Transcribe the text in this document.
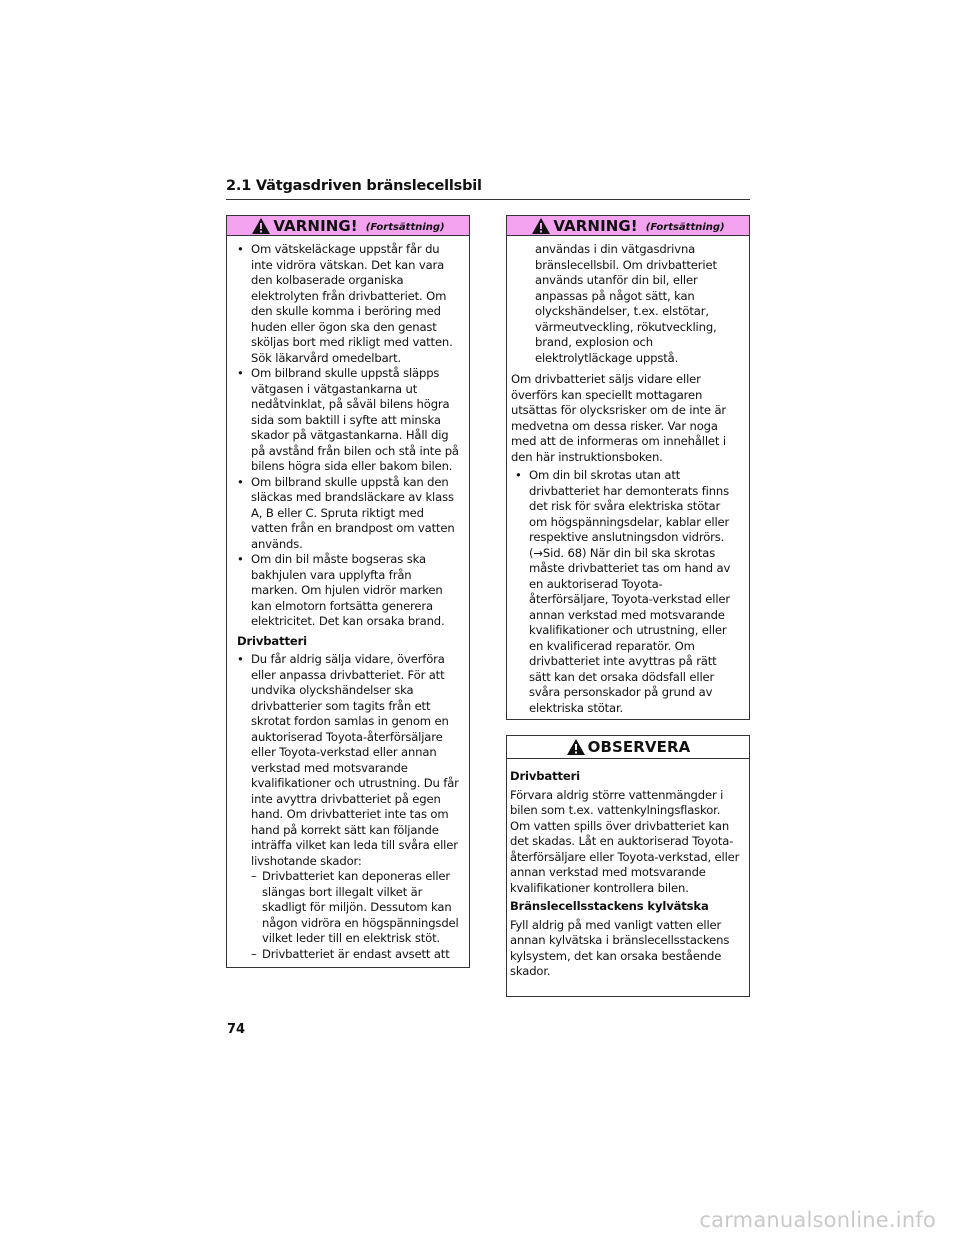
2.1 Vätgasdriven bränslecellsbil
VARNING! (Fortsättning)
• Om vätskeläckage uppstår får du inte vidröra vätskan. Det kan vara den kolbaserade organiska elektrolyten från drivbatteriet. Om den skulle komma i beröring med huden eller ögon ska den genast sköljas bort med rikligt med vatten. Sök läkarvård omedelbart.
• Om bilbrand skulle uppstå släpps vätgasen i vätgastankarna ut nedåtvinklat, på såväl bilens högra sida som baktill i syfte att minska skador på vätgastankarna. Håll dig på avstånd från bilen och stå inte på bilens högra sida eller bakom bilen.
• Om bilbrand skulle uppstå kan den släckas med brandsläckare av klass A, B eller C. Spruta riktigt med vatten från en brandpost om vatten används.
• Om din bil måste bogseras ska bakhjulen vara upplyfta från marken. Om hjulen vidrör marken kan elmotorn fortsätta generera elektricitet. Det kan orsaka brand.
Drivbatteri
• Du får aldrig sälja vidare, överföra eller anpassa drivbatteriet. För att undvika olyckshändelser ska drivbatterier som tagits från ett skrotat fordon samlas in genom en auktoriserad Toyota-återförsäljare eller Toyota-verkstad eller annan verkstad med motsvarande kvalifikationer och utrustning. Du får inte avyttra drivbatteriet på egen hand. Om drivbatteriet inte tas om hand på korrekt sätt kan följande inträffa vilket kan leda till svåra eller livshotande skador:
– Drivbatteriet kan deponeras eller slängas bort illegalt vilket är skadligt för miljön. Dessutom kan någon vidröra en högspänningsdel vilket leder till en elektrisk stöt.
– Drivbatteriet är endast avsett att
VARNING! (Fortsättning)
användas i din vätgasdrivna bränslecellsbil. Om drivbatteriet används utanför din bil, eller anpassas på något sätt, kan olyckshändelser, t.ex. elstötar, värmeutveckling, rökutveckling, brand, explosion och elektrolytläckage uppstå.
Om drivbatteriet säljs vidare eller överförs kan speciellt mottagaren utsättas för olycksrisker om de inte är medvetna om dessa risker. Var noga med att de informeras om innehållet i den här instruktionsboken.
• Om din bil skrotas utan att drivbatteriet har demonterats finns det risk för svåra elektriska stötar om högspänningsdelar, kablar eller respektive anslutningsdon vidrörs. (→Sid. 68) När din bil ska skrotas måste drivbatteriet tas om hand av en auktoriserad Toyota-återförsäljare, Toyota-verkstad eller annan verkstad med motsvarande kvalifikationer och utrustning, eller en kvalificerad reparatör. Om drivbatteriet inte avyttras på rätt sätt kan det orsaka dödsfall eller svåra personskador på grund av elektriska stötar.
OBSERVERA
Drivbatteri
Förvara aldrig större vattenmängder i bilen som t.ex. vattenkylningsflaskor. Om vatten spills över drivbatteriet kan det skadas. Låt en auktoriserad Toyota-återförsäljare eller Toyota-verkstad, eller annan verkstad med motsvarande kvalifikationer kontrollera bilen.
Bränslecellsstackens kylvätska
Fyll aldrig på med vanligt vatten eller annan kylvätska i bränslecellsstackens kylsystem, det kan orsaka bestående skador.
74
carmanualsonline.info
